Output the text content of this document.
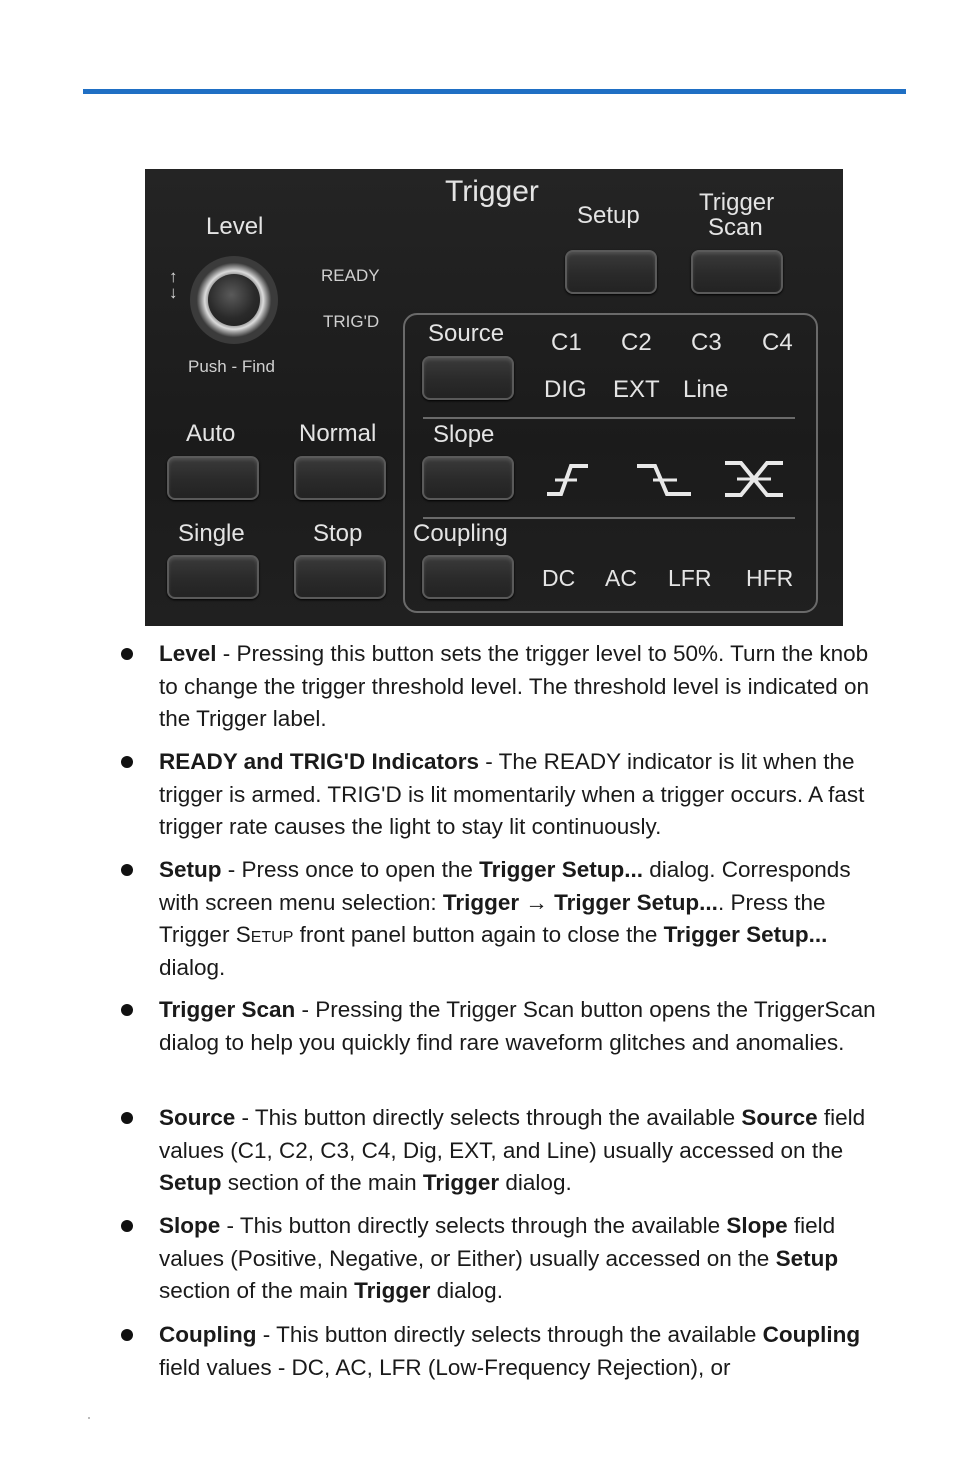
Trigger
Level
↑
↓
Push - Find
READY
TRIG'D
Setup Trigger
Scan
Auto	Normal
Single	Stop
Source C1 C2 C3 C4
DIG EXT Line
Slope
Coupling
DC AC LFR HFR
Level - Pressing this button sets the trigger level to 50%. Turn the knob to change the trigger threshold level. The threshold level is indicated on the Trigger label.
READY and TRIG'D Indicators - The READY indicator is lit when the trigger is armed. TRIG'D is lit momentarily when a trigger occurs. A fast trigger rate causes the light to stay lit continuously.
Setup - Press once to open the Trigger Setup... dialog. Corresponds with screen menu selection: Trigger → Trigger Setup.... Press the Trigger Setup front panel button again to close the Trigger Setup... dialog.
Trigger Scan - Pressing the Trigger Scan button opens the TriggerScan dialog to help you quickly find rare waveform glitches and anomalies.
Source - This button directly selects through the available Source field values (C1, C2, C3, C4, Dig, EXT, and Line) usually accessed on the Setup section of the main Trigger dialog.
Slope - This button directly selects through the available Slope field values (Positive, Negative, or Either) usually accessed on the Setup section of the main Trigger dialog.
Coupling - This button directly selects through the available Coupling field values - DC, AC, LFR (Low-Frequency Rejection), or
